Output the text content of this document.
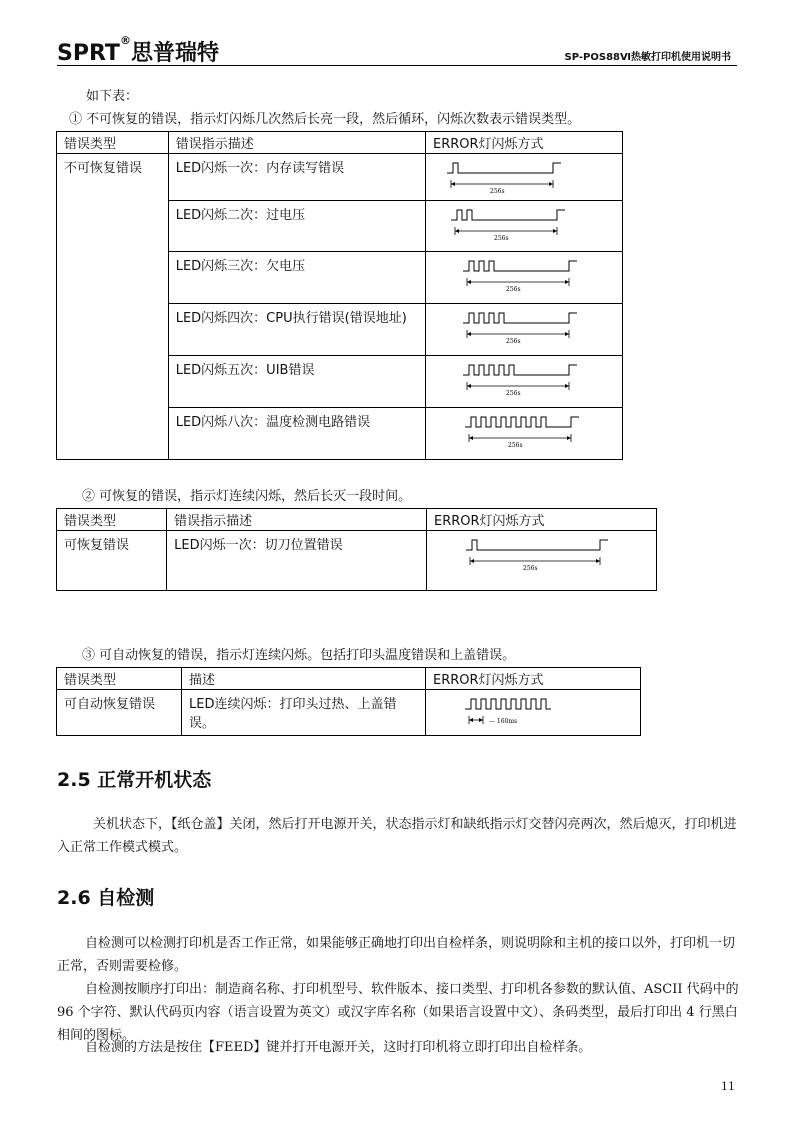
SPRT®思普瑞特	SP-POS88Ⅵ热敏打印机使用说明书
如下表：
① 不可恢复的错误，指示灯闪烁几次然后长亮一段，然后循环，闪烁次数表示错误类型。
错误类型	错误指示描述	ERROR灯闪烁方式
不可恢复错误	LED闪烁一次：内存读写错误	256s

	LED闪烁二次：过电压	256s

	LED闪烁三次：欠电压	256s

	LED闪烁四次：CPU执行错误(错误地址)	256s

	LED闪烁五次：UIB错误	256s

	LED闪烁八次：温度检测电路错误	256s
② 可恢复的错误，指示灯连续闪烁，然后长灭一段时间。
错误类型	错误指示描述	ERROR灯闪烁方式
可恢复错误	LED闪烁一次：切刀位置错误	256s
③ 可自动恢复的错误，指示灯连续闪烁。包括打印头温度错误和上盖错误。
错误类型	描述	ERROR灯闪烁方式
可自动恢复错误	LED连续闪烁：打印头过热、上盖错误。	— 160ms
2.5 正常开机状态
关机状态下，【纸仓盖】关闭，然后打开电源开关，状态指示灯和缺纸指示灯交替闪亮两次，然后熄灭，打印机进入正常工作模式模式。
2.6 自检测
自检测可以检测打印机是否工作正常，如果能够正确地打印出自检样条，则说明除和主机的接口以外，打印机一切正常，否则需要检修。
自检测按顺序打印出：制造商名称、打印机型号、软件版本、接口类型、打印机各参数的默认值、ASCII 代码中的 96 个字符、默认代码页内容（语言设置为英文）或汉字库名称（如果语言设置中文）、条码类型，最后打印出 4 行黑白相间的图标。
自检测的方法是按住【FEED】键并打开电源开关，这时打印机将立即打印出自检样条。
11
